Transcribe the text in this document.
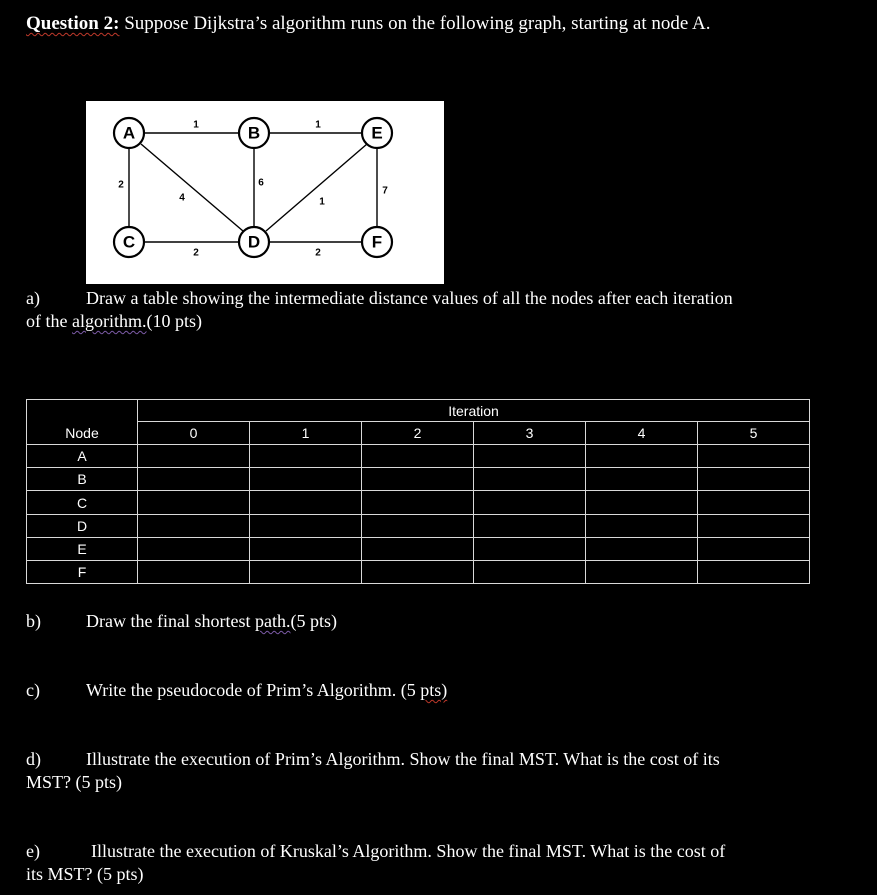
Question 2: Suppose Dijkstra’s algorithm runs on the following graph, starting at node A.
1	1
2
4
6
1
7
2	2
A	B	E
C	D	F
a)	Draw a table showing the intermediate distance values of all the nodes after each iteration
of the algorithm.(10 pts)
	Iteration					
Node	0	1	2	3	4	5
A						
B						
C						
D						
E						
F						
b)	Draw the final shortest path.(5 pts)
c)	Write the pseudocode of Prim’s Algorithm. (5 pts)
d)	Illustrate the execution of Prim’s Algorithm. Show the final MST. What is the cost of its
MST? (5 pts)
e)	Illustrate the execution of Kruskal’s Algorithm. Show the final MST. What is the cost of
its MST? (5 pts)
